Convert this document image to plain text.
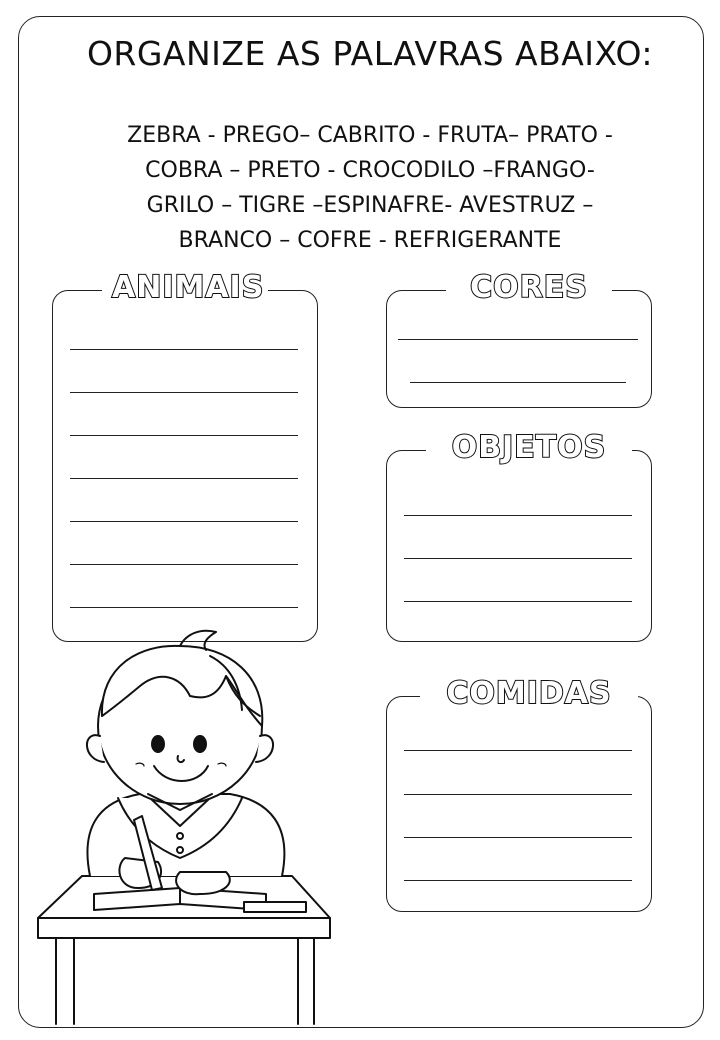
ORGANIZE AS PALAVRAS ABAIXO:
ZEBRA - PREGO– CABRITO - FRUTA– PRATO -
COBRA – PRETO - CROCODILO –FRANGO-
GRILO – TIGRE –ESPINAFRE- AVESTRUZ –
BRANCO – COFRE - REFRIGERANTE
ANIMAIS	CORES
OBJETOS
COMIDAS
